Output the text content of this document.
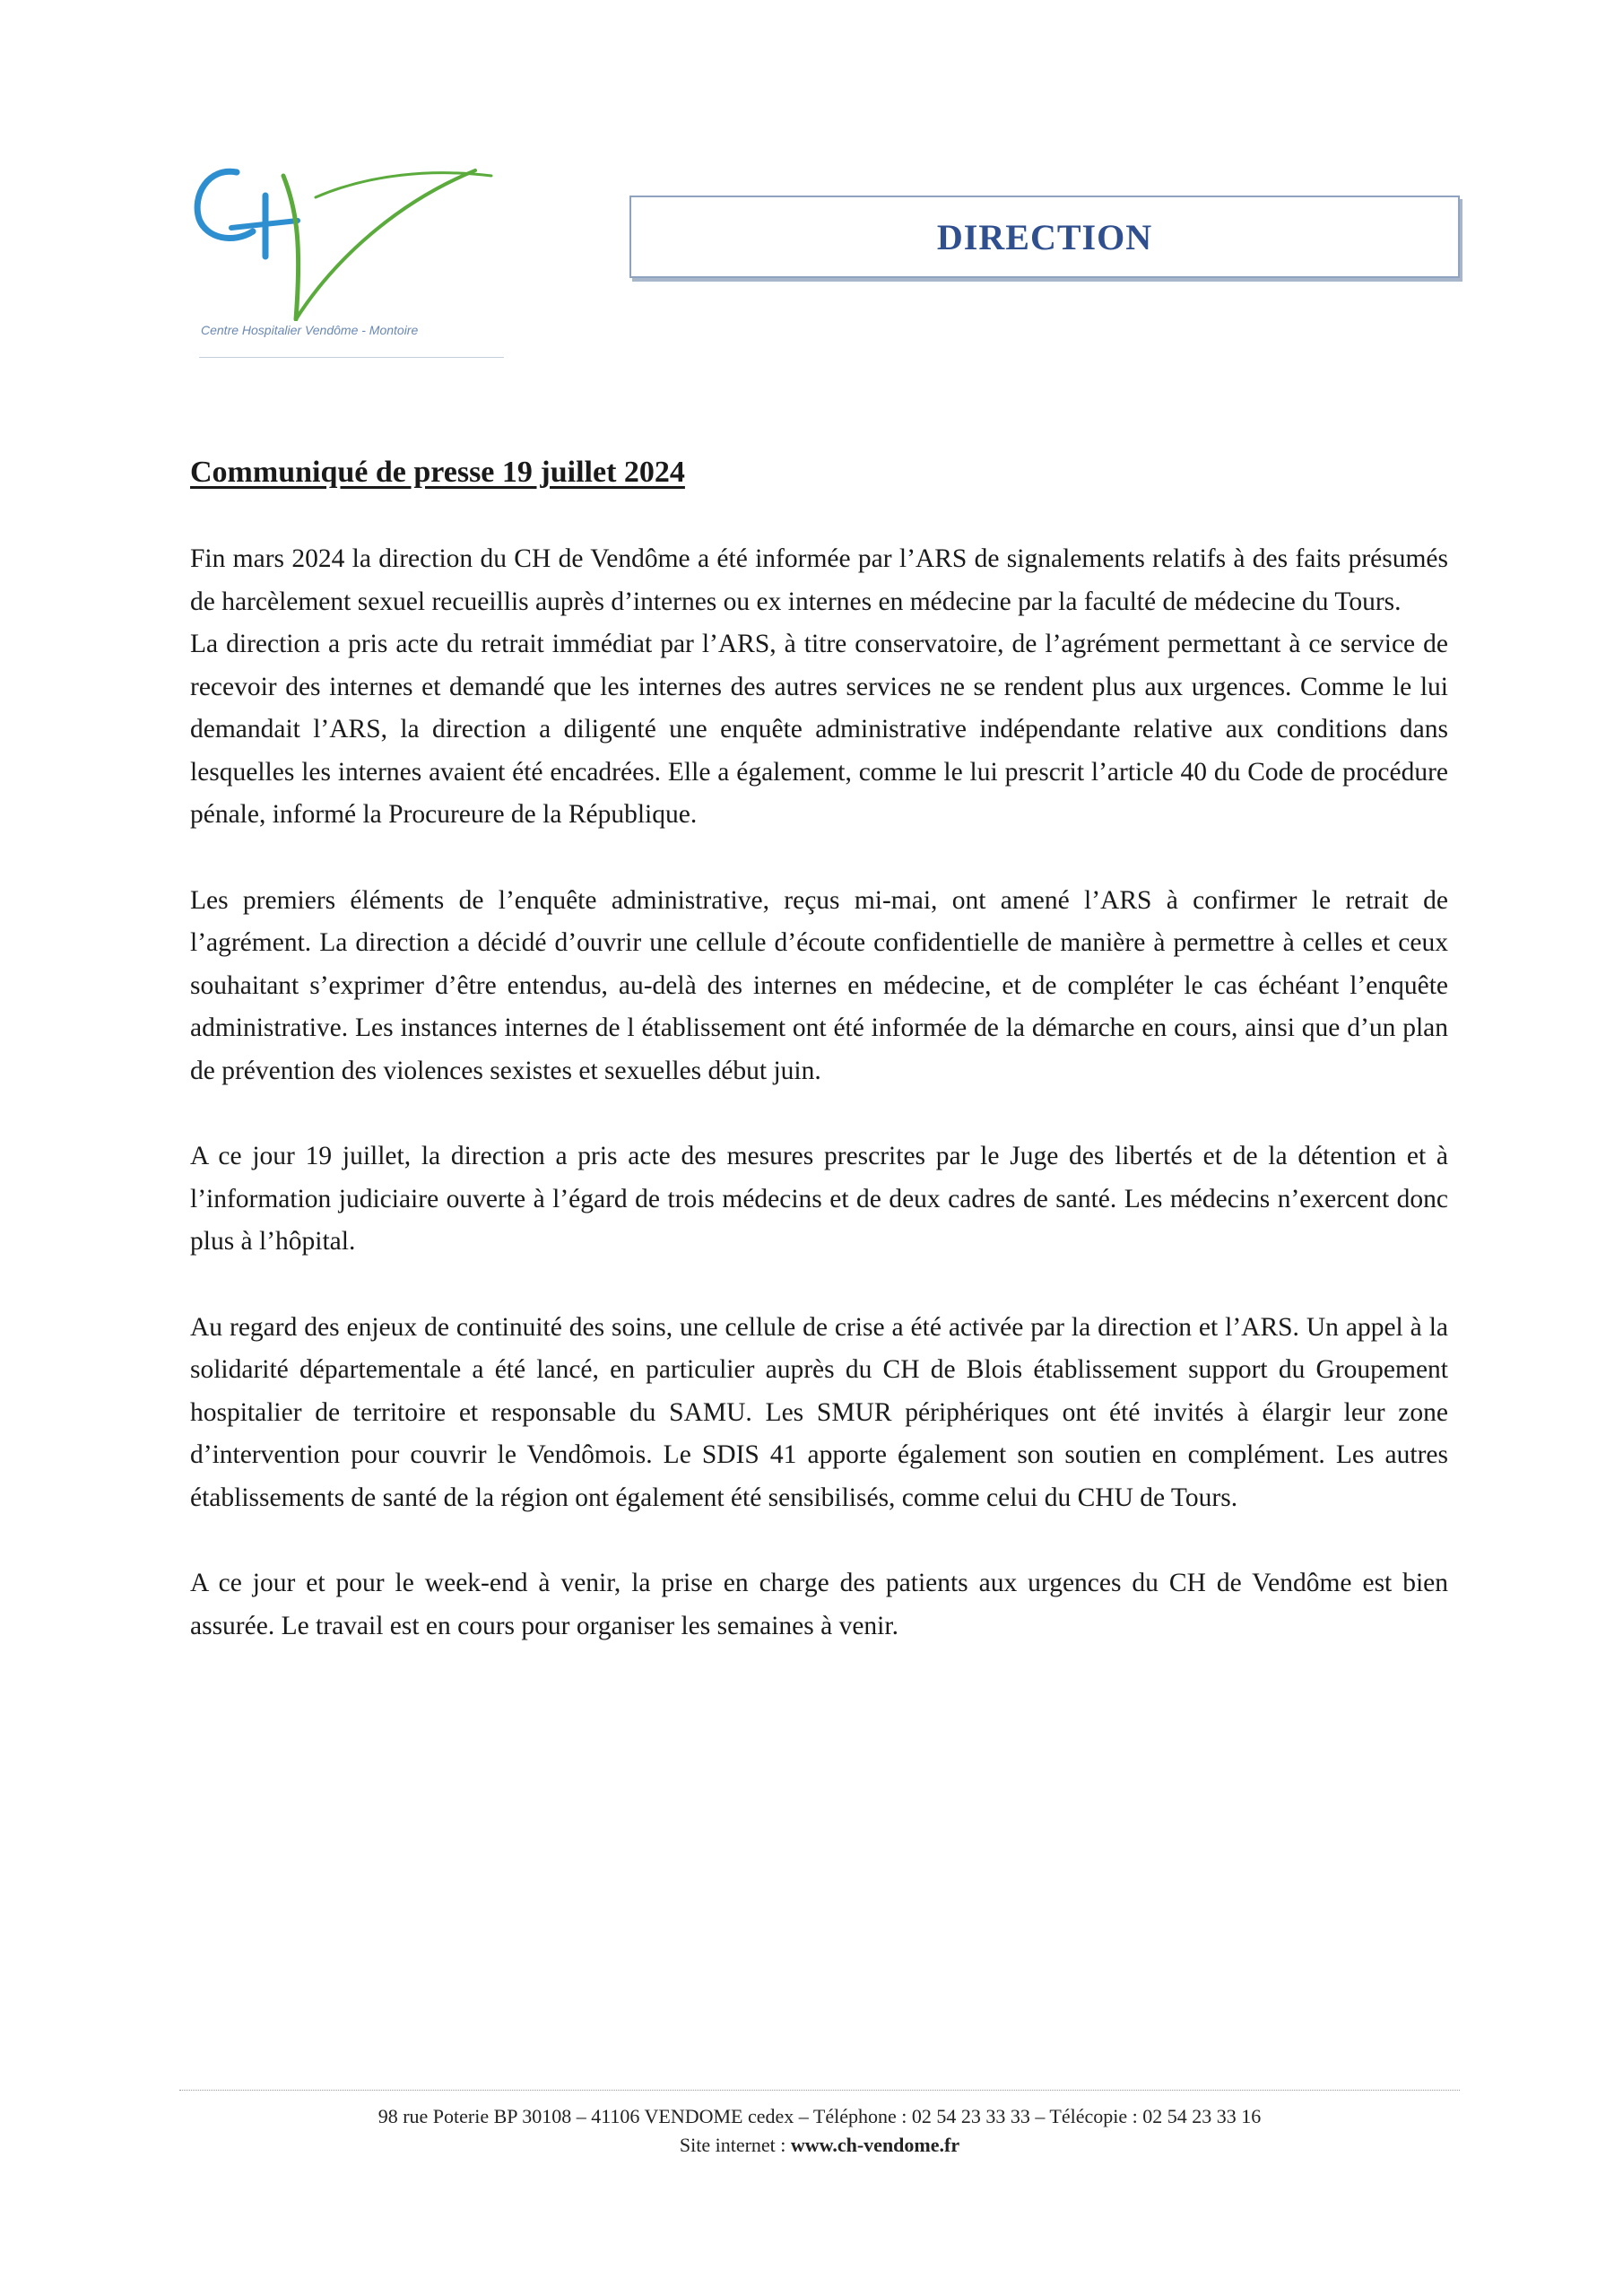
Centre Hospitalier Vendôme - Montoire
DIRECTION
Communiqué de presse 19 juillet 2024

Fin mars 2024 la direction du CH de Vendôme a été informée par l’ARS de signalements relatifs à des faits présumés de harcèlement sexuel recueillis auprès d’internes ou ex internes en médecine par la faculté de médecine du Tours.

La direction a pris acte du retrait immédiat par l’ARS, à titre conservatoire, de l’agrément permettant à ce service de recevoir des internes et demandé que les internes des autres services ne se rendent plus aux urgences. Comme le lui demandait l’ARS, la direction a diligenté une enquête administrative indépendante relative aux conditions dans lesquelles les internes avaient été encadrées. Elle a également, comme le lui prescrit l’article 40 du Code de procédure pénale, informé la Procureure de la République.

Les premiers éléments de l’enquête administrative, reçus mi-mai, ont amené l’ARS à confirmer le retrait de l’agrément. La direction a décidé d’ouvrir une cellule d’écoute confidentielle de manière à permettre à celles et ceux souhaitant s’exprimer d’être entendus, au-delà des internes en médecine, et de compléter le cas échéant l’enquête administrative. Les instances internes de l établissement ont été informée de la démarche en cours, ainsi que d’un plan de prévention des violences sexistes et sexuelles début juin.

A ce jour 19 juillet, la direction a pris acte des mesures prescrites par le Juge des libertés et de la détention et à l’information judiciaire ouverte à l’égard de trois médecins et de deux cadres de santé. Les médecins n’exercent donc plus à l’hôpital.

Au regard des enjeux de continuité des soins, une cellule de crise a été activée par la direction et l’ARS. Un appel à la solidarité départementale a été lancé, en particulier auprès du CH de Blois établissement support du Groupement hospitalier de territoire et responsable du SAMU. Les SMUR périphériques ont été invités à élargir leur zone d’intervention pour couvrir le Vendômois. Le SDIS 41 apporte également son soutien en complément. Les autres établissements de santé de la région ont également été sensibilisés, comme celui du CHU de Tours.

A ce jour et pour le week-end à venir, la prise en charge des patients aux urgences du CH de Vendôme est bien assurée. Le travail est en cours pour organiser les semaines à venir.

98 rue Poterie BP 30108 – 41106 VENDOME cedex – Téléphone : 02 54 23 33 33 – Télécopie : 02 54 23 33 16
Site internet : www.ch-vendome.fr
